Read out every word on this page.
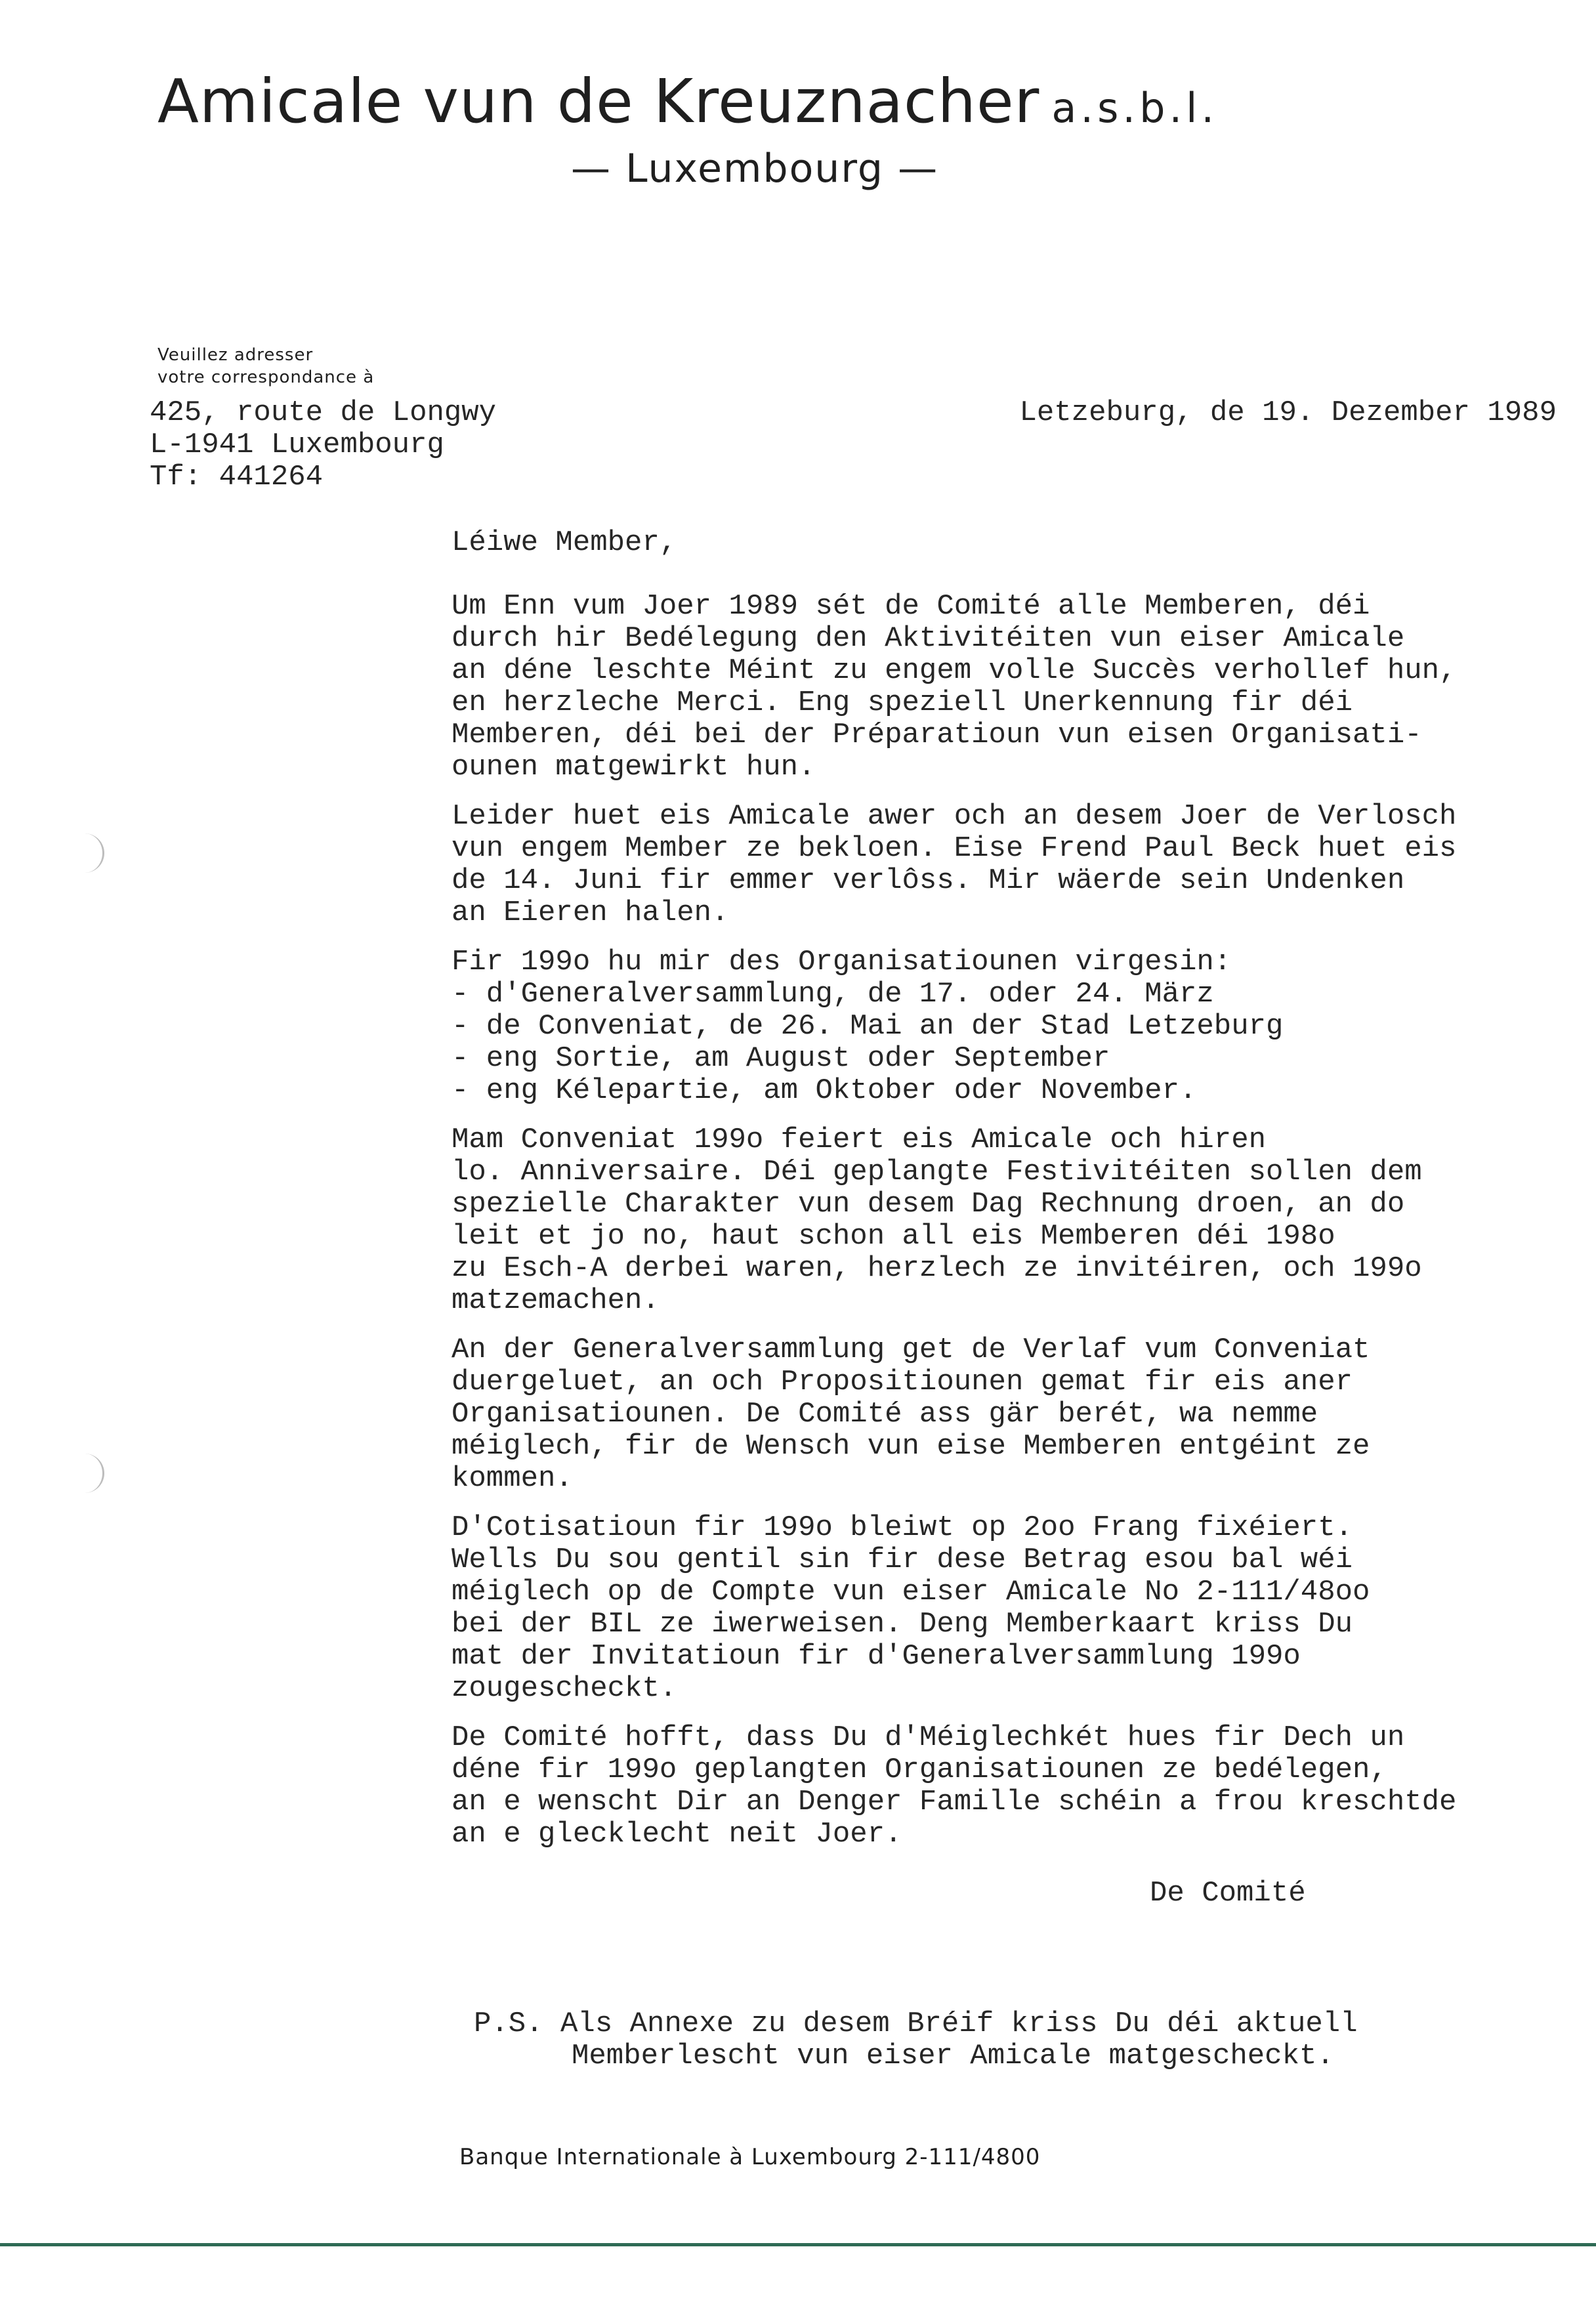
Amicale vun de Kreuznacher a.s.b.l.
— Luxembourg —
Veuillez adresser
votre correspondance à
425, route de Longwy
L-1941 Luxembourg
Tf: 441264
Letzeburg, de 19. Dezember 1989
Léiwe Member,
Um Enn vum Joer 1989 sét de Comité alle Memberen, déi
durch hir Bedélegung den Aktivitéiten vun eiser Amicale
an déne leschte Méint zu engem volle Succès verhollef hun,
en herzleche Merci. Eng speziell Unerkennung fir déi
Memberen, déi bei der Préparatioun vun eisen Organisati-
ounen matgewirkt hun.
Leider huet eis Amicale awer och an desem Joer de Verlosch
vun engem Member ze bekloen. Eise Frend Paul Beck huet eis
de 14. Juni fir emmer verlôss. Mir wäerde sein Undenken
an Eieren halen.
Fir 199o hu mir des Organisatiounen virgesin:
- d'Generalversammlung, de 17. oder 24. März
- de Conveniat, de 26. Mai an der Stad Letzeburg
- eng Sortie, am August oder September
- eng Kélepartie, am Oktober oder November.
Mam Conveniat 199o feiert eis Amicale och hiren
lo. Anniversaire. Déi geplangte Festivitéiten sollen dem
spezielle Charakter vun desem Dag Rechnung droen, an do
leit et jo no, haut schon all eis Memberen déi 198o
zu Esch-A derbei waren, herzlech ze invitéiren, och 199o
matzemachen.
An der Generalversammlung get de Verlaf vum Conveniat
duergeluet, an och Propositiounen gemat fir eis aner
Organisatiounen. De Comité ass gär berét, wa nemme
méiglech, fir de Wensch vun eise Memberen entgéint ze
kommen.
D'Cotisatioun fir 199o bleiwt op 2oo Frang fixéiert.
Wells Du sou gentil sin fir dese Betrag esou bal wéi
méiglech op de Compte vun eiser Amicale No 2-111/48oo
bei der BIL ze iwerweisen. Deng Memberkaart kriss Du
mat der Invitatioun fir d'Generalversammlung 199o
zougescheckt.
De Comité hofft, dass Du d'Méiglechkét hues fir Dech un
déne fir 199o geplangten Organisatiounen ze bedélegen,
an e wenscht Dir an Denger Famille schéin a frou kreschtde
an e glecklecht neit Joer.
De Comité
P.S. Als Annexe zu desem Bréif kriss Du déi aktuell
Memberlescht vun eiser Amicale matgescheckt.
Banque Internationale à Luxembourg 2-111/4800
